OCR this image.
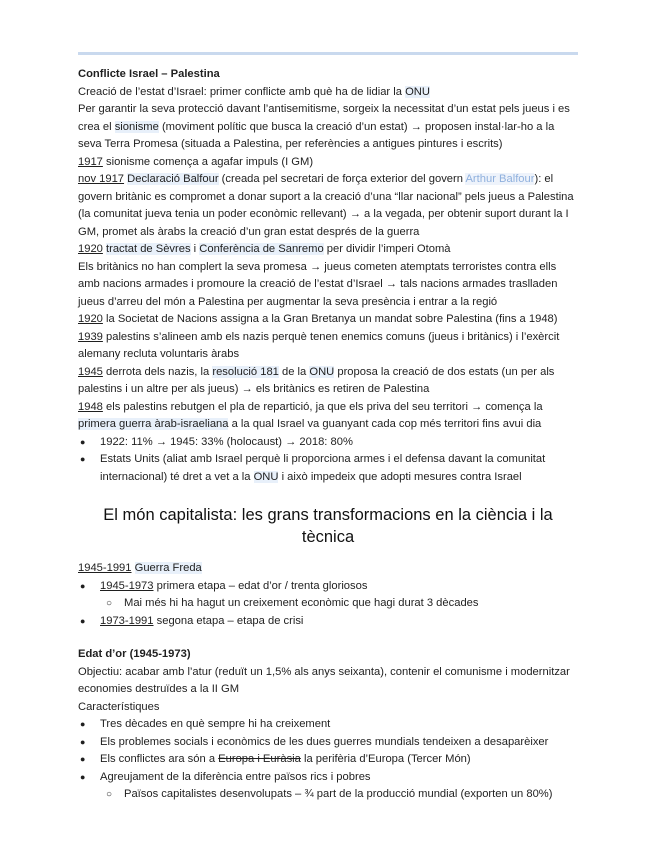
Conflicte Israel – Palestina

Creació de l’estat d’Israel: primer conflicte amb què ha de lidiar la ONU

Per garantir la seva protecció davant l’antisemitisme, sorgeix la necessitat d’un estat pels jueus i es crea el sionisme (moviment polític que busca la creació d’un estat) → proposen instal·lar-ho a la seva Terra Promesa (situada a Palestina, per referències a antigues pintures i escrits)

1917 sionisme comença a agafar impuls (I GM)

nov 1917 Declaració Balfour (creada pel secretari de força exterior del govern Arthur Balfour): el govern britànic es compromet a donar suport a la creació d’una “llar nacional” pels jueus a Palestina (la comunitat jueva tenia un poder econòmic rellevant) → a la vegada, per obtenir suport durant la I GM, promet als àrabs la creació d’un gran estat després de la guerra

1920 tractat de Sèvres i Conferència de Sanremo per dividir l’imperi Otomà

Els britànics no han complert la seva promesa → jueus cometen atemptats terroristes contra ells amb nacions armades i promoure la creació de l’estat d’Israel → tals nacions armades traslladen jueus d’arreu del món a Palestina per augmentar la seva presència i entrar a la regió

1920 la Societat de Nacions assigna a la Gran Bretanya un mandat sobre Palestina (fins a 1948)

1939 palestins s’alineen amb els nazis perquè tenen enemics comuns (jueus i britànics) i l’exèrcit alemany recluta voluntaris àrabs

1945 derrota dels nazis, la resolució 181 de la ONU proposa la creació de dos estats (un per als palestins i un altre per als jueus) → els britànics es retiren de Palestina

1948 els palestins rebutgen el pla de repartició, ja que els priva del seu territori → comença la primera guerra àrab-israeliana a la qual Israel va guanyant cada cop més territori fins avui dia

● 1922: 11% → 1945: 33% (holocaust) → 2018: 80%
● Estats Units (aliat amb Israel perquè li proporciona armes i el defensa davant la comunitat internacional) té dret a vet a la ONU i això impedeix que adopti mesures contra Israel
El món capitalista: les grans transformacions en la ciència i la tècnica

1945-1991 Guerra Freda

● 1945-1973 primera etapa – edat d’or / trenta gloriosos
○ Mai més hi ha hagut un creixement econòmic que hagi durat 3 dècades
● 1973-1991 segona etapa – etapa de crisi

Edat d’or (1945-1973)

Objectiu: acabar amb l’atur (reduït un 1,5% als anys seixanta), contenir el comunisme i modernitzar economies destruïdes a la II GM

Característiques

● Tres dècades en què sempre hi ha creixement
● Els problemes socials i econòmics de les dues guerres mundials tendeixen a desaparèixer
● Els conflictes ara són a Europa i Euràsia la perifèria d’Europa (Tercer Món)
● Agreujament de la diferència entre països rics i pobres
○ Països capitalistes desenvolupats – ¾ part de la producció mundial (exporten un 80%)
